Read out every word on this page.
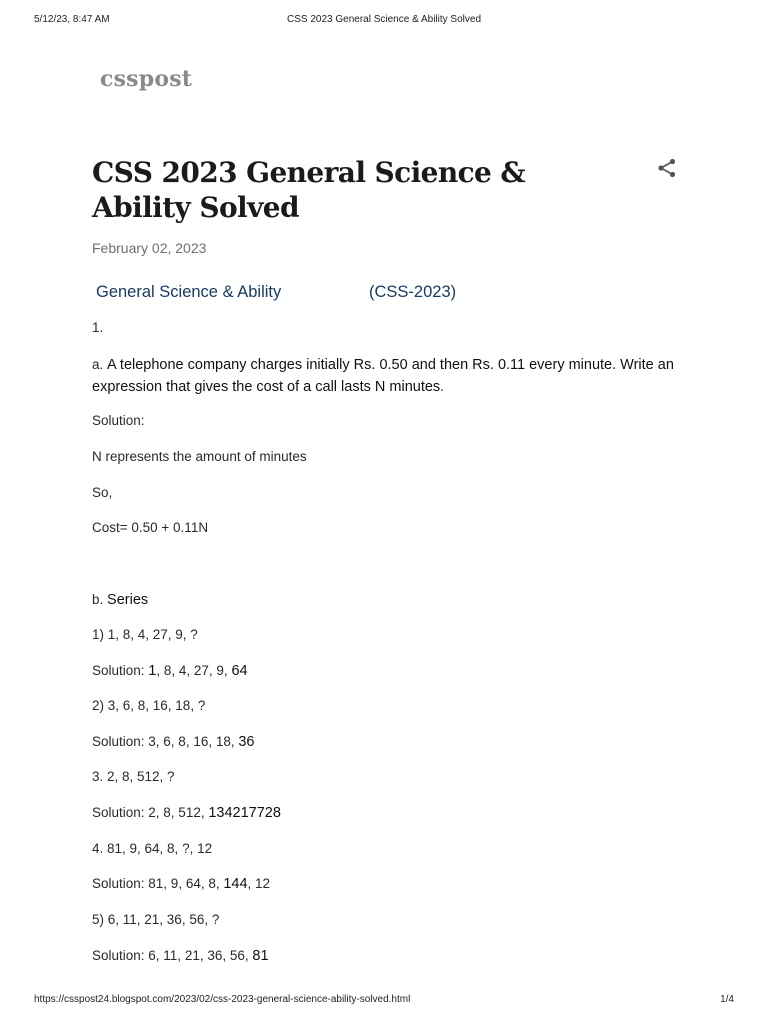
5/12/23, 8:47 AM	CSS 2023 General Science & Ability Solved
csspost
CSS 2023 General Science & Ability Solved
February 02, 2023
General Science & Ability	(CSS-2023)
1.
a. A telephone company charges initially Rs. 0.50 and then Rs. 0.11 every minute. Write an expression that gives the cost of a call lasts N minutes.
Solution:
N represents the amount of minutes
So,
Cost= 0.50 + 0.11N
b. Series
1) 1, 8, 4, 27, 9, ?
Solution: 1, 8, 4, 27, 9, 64
2) 3, 6, 8, 16, 18, ?
Solution: 3, 6, 8, 16, 18, 36
3. 2, 8, 512, ?
Solution: 2, 8, 512, 134217728
4. 81, 9, 64, 8, ?, 12
Solution: 81, 9, 64, 8, 144, 12
5) 6, 11, 21, 36, 56, ?
Solution: 6, 11, 21, 36, 56, 81
https://csspost24.blogspot.com/2023/02/css-2023-general-science-ability-solved.html	1/4
